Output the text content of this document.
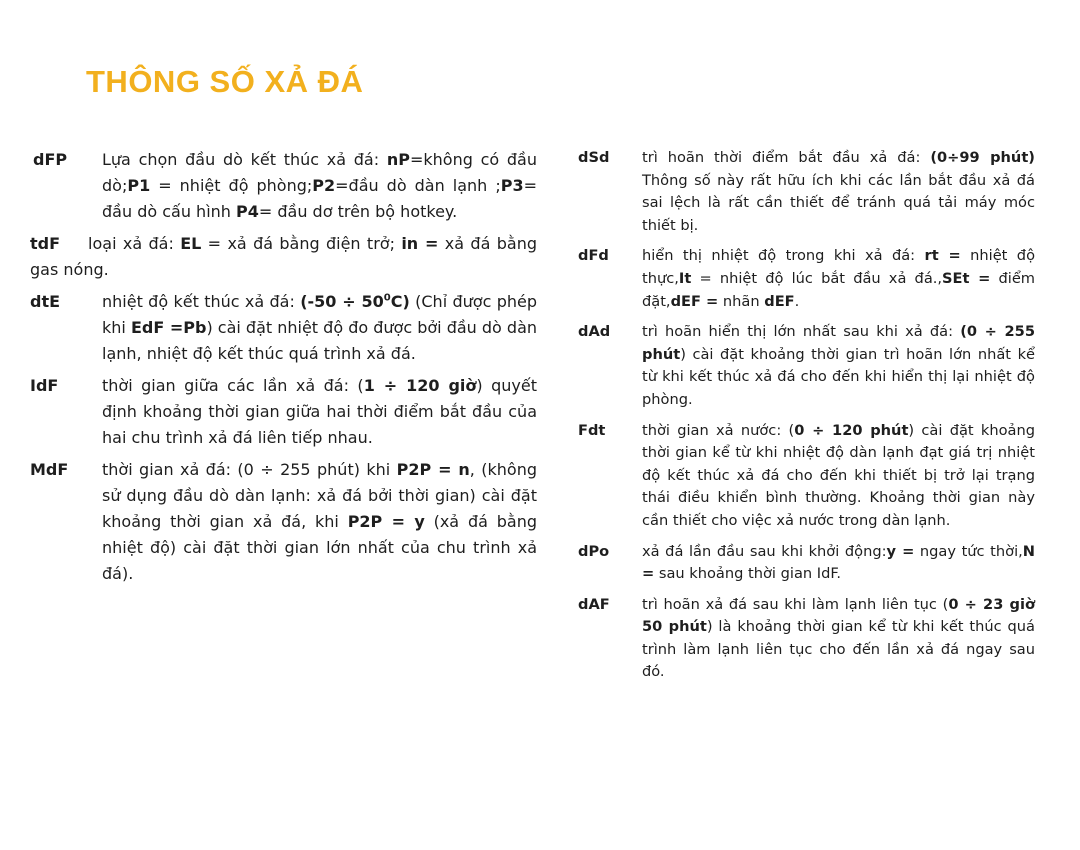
THÔNG SỐ XẢ ĐÁ
dFP	Lựa chọn đầu dò kết thúc xả đá: nP=không có đầu dò;P1 = nhiệt độ phòng;P2=đầu dò dàn lạnh ;P3= đầu dò cấu hình P4= đầu dơ trên bộ hotkey.
tdF loại xả đá: EL = xả đá bằng điện trở; in = xả đá bằng gas nóng.
dtE	nhiệt độ kết thúc xả đá: $(-50 \div 50^0C)$ (Chỉ được phép khi EdF =Pb) cài đặt nhiệt độ đo được bởi đầu dò dàn lạnh, nhiệt độ kết thúc quá trình xả đá.
IdF	thời gian giữa các lần xả đá: (1 ÷ 120 giờ) quyết định khoảng thời gian giữa hai thời điểm bắt đầu của hai chu trình xả đá liên tiếp nhau.
MdF	thời gian xả đá: (0 ÷ 255 phút) khi P2P = n, (không sử dụng đầu dò dàn lạnh: xả đá bởi thời gian) cài đặt khoảng thời gian xả đá, khi P2P = y (xả đá bằng nhiệt độ) cài đặt thời gian lớn nhất của chu trình xả đá).
dSd	trì hoãn thời điểm bắt đầu xả đá: (0÷99 phút) Thông số này rất hữu ích khi các lần bắt đầu xả đá sai lệch là rất cần thiết để tránh quá tải máy móc thiết bị.
dFd	hiển thị nhiệt độ trong khi xả đá: rt = nhiệt độ thực,It = nhiệt độ lúc bắt đầu xả đá.,SEt = điểm đặt,dEF = nhãn dEF.
dAd	trì hoãn hiển thị lớn nhất sau khi xả đá: (0 ÷ 255 phút) cài đặt khoảng thời gian trì hoãn lớn nhất kể từ khi kết thúc xả đá cho đến khi hiển thị lại nhiệt độ phòng.
Fdt	thời gian xả nước: (0 ÷ 120 phút) cài đặt khoảng thời gian kể từ khi nhiệt độ dàn lạnh đạt giá trị nhiệt độ kết thúc xả đá cho đến khi thiết bị trở lại trạng thái điều khiển bình thường. Khoảng thời gian này cần thiết cho việc xả nước trong dàn lạnh.
dPo	xả đá lần đầu sau khi khởi động:y = ngay tức thời,N = sau khoảng thời gian IdF.
dAF	trì hoãn xả đá sau khi làm lạnh liên tục (0 ÷ 23 giờ 50 phút) là khoảng thời gian kể từ khi kết thúc quá trình làm lạnh liên tục cho đến lần xả đá ngay sau đó.
